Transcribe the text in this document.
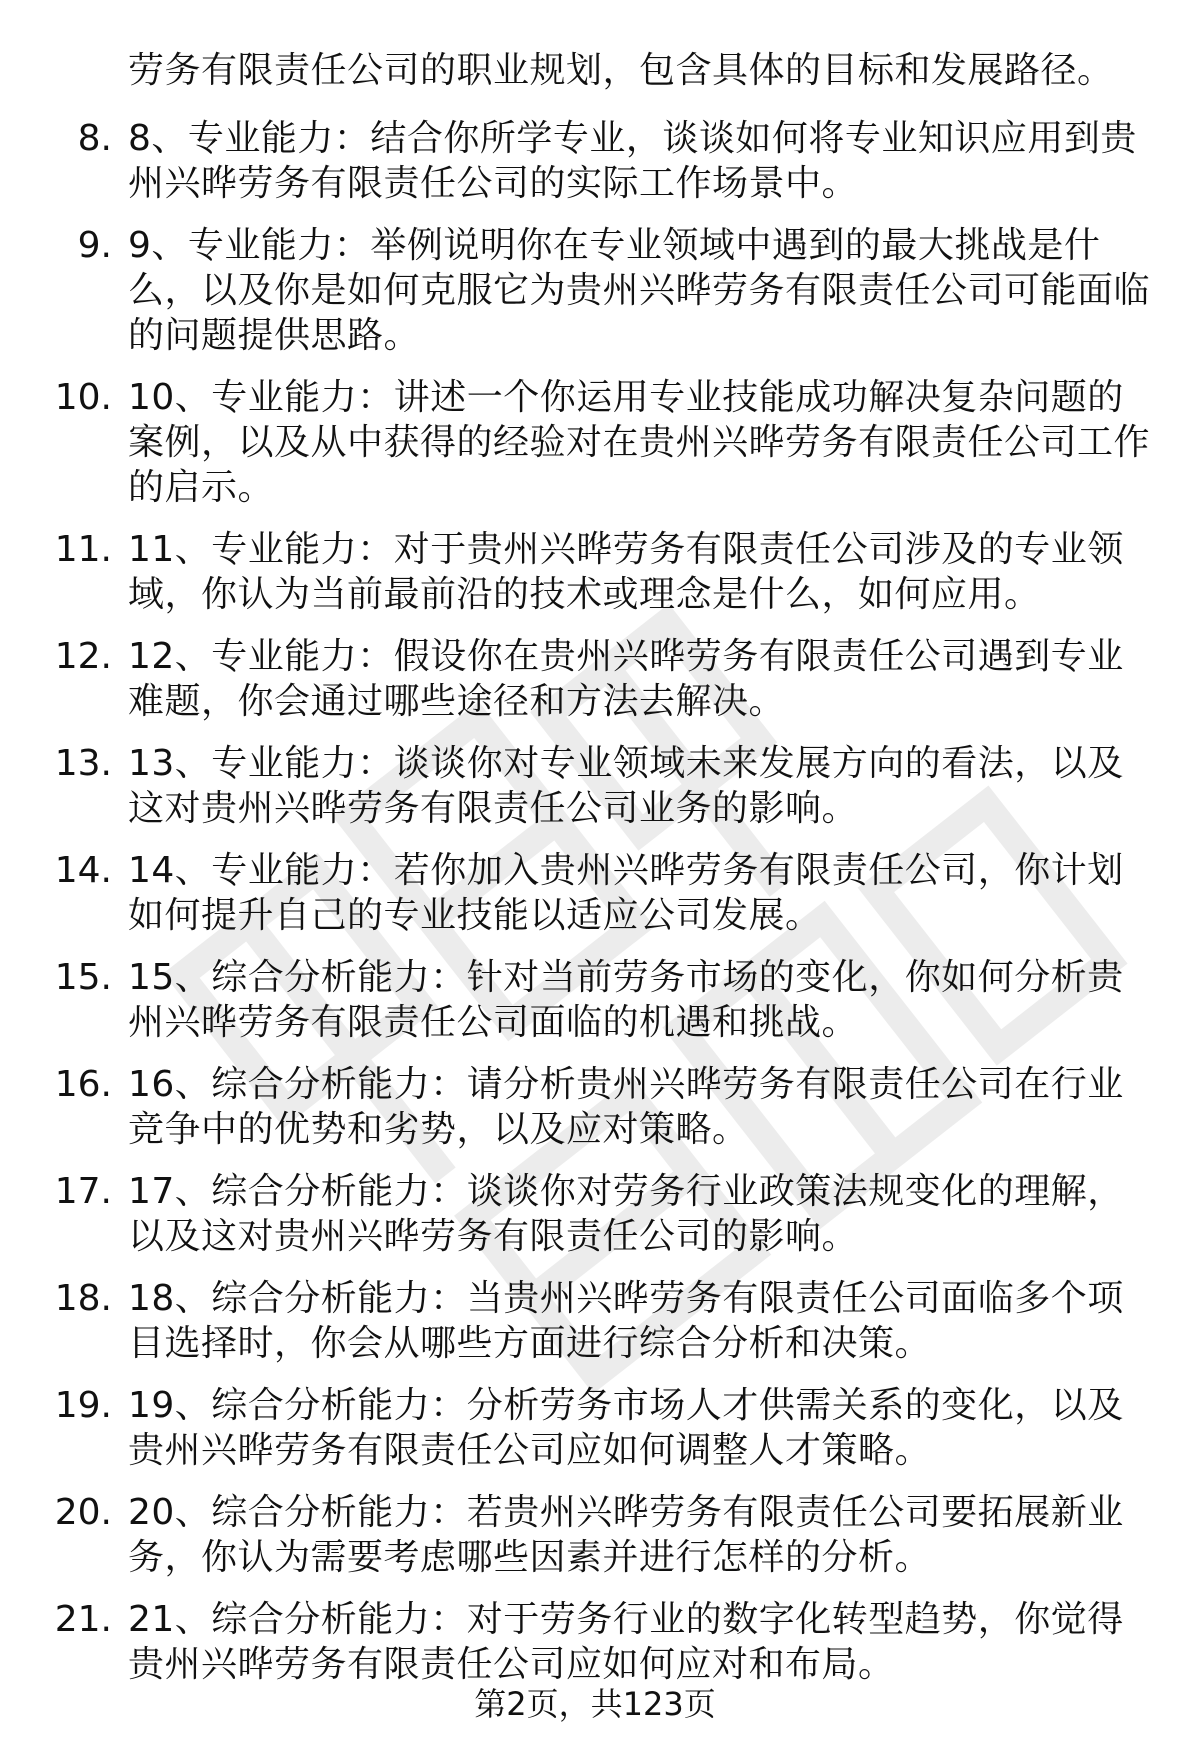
劳务有限责任公司的职业规划，包含具体的目标和发展路径。
8. 8、专业能力：结合你所学专业，谈谈如何将专业知识应用到贵州兴晔劳务有限责任公司的实际工作场景中。
9. 9、专业能力：举例说明你在专业领域中遇到的最大挑战是什么，以及你是如何克服它为贵州兴晔劳务有限责任公司可能面临的问题提供思路。
10. 10、专业能力：讲述一个你运用专业技能成功解决复杂问题的案例，以及从中获得的经验对在贵州兴晔劳务有限责任公司工作的启示。
11. 11、专业能力：对于贵州兴晔劳务有限责任公司涉及的专业领域，你认为当前最前沿的技术或理念是什么，如何应用。
12. 12、专业能力：假设你在贵州兴晔劳务有限责任公司遇到专业难题，你会通过哪些途径和方法去解决。
13. 13、专业能力：谈谈你对专业领域未来发展方向的看法，以及这对贵州兴晔劳务有限责任公司业务的影响。
14. 14、专业能力：若你加入贵州兴晔劳务有限责任公司，你计划如何提升自己的专业技能以适应公司发展。
15. 15、综合分析能力：针对当前劳务市场的变化，你如何分析贵州兴晔劳务有限责任公司面临的机遇和挑战。
16. 16、综合分析能力：请分析贵州兴晔劳务有限责任公司在行业竞争中的优势和劣势，以及应对策略。
17. 17、综合分析能力：谈谈你对劳务行业政策法规变化的理解，以及这对贵州兴晔劳务有限责任公司的影响。
18. 18、综合分析能力：当贵州兴晔劳务有限责任公司面临多个项目选择时，你会从哪些方面进行综合分析和决策。
19. 19、综合分析能力：分析劳务市场人才供需关系的变化，以及贵州兴晔劳务有限责任公司应如何调整人才策略。
20. 20、综合分析能力：若贵州兴晔劳务有限责任公司要拓展新业务，你认为需要考虑哪些因素并进行怎样的分析。
21. 21、综合分析能力：对于劳务行业的数字化转型趋势，你觉得贵州兴晔劳务有限责任公司应如何应对和布局。
第2页，共123页
